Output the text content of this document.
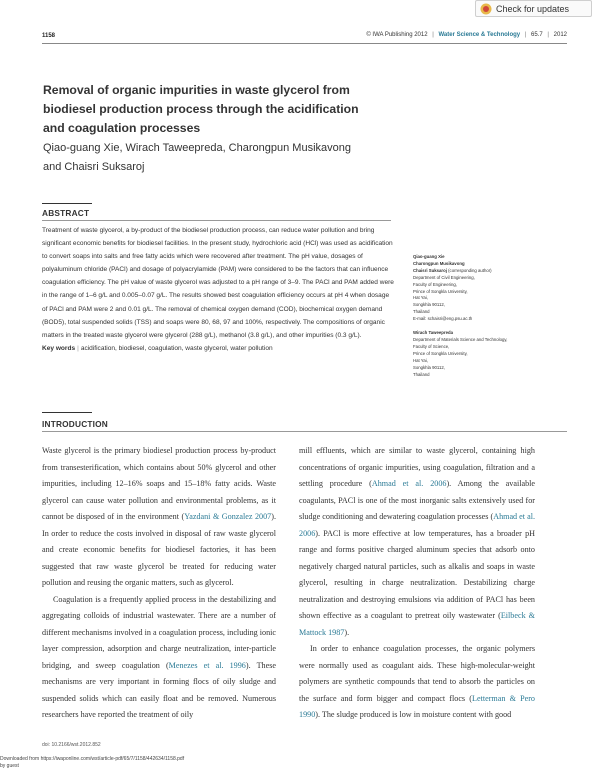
Check for updates
1158	© IWA Publishing 2012 | Water Science & Technology | 65.7 | 2012
Removal of organic impurities in waste glycerol from biodiesel production process through the acidification and coagulation processes
Qiao-guang Xie, Wirach Taweepreda, Charongpun Musikavong and Chaisri Suksaroj
ABSTRACT
Treatment of waste glycerol, a by-product of the biodiesel production process, can reduce water pollution and bring significant economic benefits for biodiesel facilities. In the present study, hydrochloric acid (HCl) was used as acidification to convert soaps into salts and free fatty acids which were recovered after treatment. The pH value, dosages of polyaluminum chloride (PACl) and dosage of polyacrylamide (PAM) were considered to be the factors that can influence coagulation efficiency. The pH value of waste glycerol was adjusted to a pH range of 3–9. The PACl and PAM added were in the range of 1–6 g/L and 0.005–0.07 g/L. The results showed best coagulation efficiency occurs at pH 4 when dosage of PACl and PAM were 2 and 0.01 g/L. The removal of chemical oxygen demand (COD), biochemical oxygen demand (BOD5), total suspended solids (TSS) and soaps were 80, 68, 97 and 100%, respectively. The compositions of organic matters in the treated waste glycerol were glycerol (288 g/L), methanol (3.8 g/L), and other impurities (0.3 g/L).
Key words | acidification, biodiesel, coagulation, waste glycerol, water pollution
Qiao-guang Xie
Charongpun Musikavong
Chaisri Suksaroj (corresponding author)
Department of Civil Engineering,
Faculty of Engineering,
Prince of Songkla University,
Hat Yai,
Songkhla 90112,
Thailand
E-mail: schaisri@eng.psu.ac.th
Wirach Taweepreda
Department of Materials Science and Technology,
Faculty of Science,
Prince of Songkla University,
Hat Yai,
Songkhla 90112,
Thailand
INTRODUCTION

Waste glycerol is the primary biodiesel production process by-product from transesterification, which contains about 50% glycerol and other impurities, including 12–16% soaps and 15–18% fatty acids. Waste glycerol can cause water pollution and environmental problems, as it cannot be disposed of in the environment (Yazdani & Gonzalez 2007). In order to reduce the costs involved in disposal of raw waste glycerol and create economic benefits for biodiesel factories, it has been suggested that raw waste glycerol be treated for reducing water pollution and reusing the organic matters, such as glycerol.

Coagulation is a frequently applied process in the destabilizing and aggregating colloids of industrial wastewater. There are a number of different mechanisms involved in a coagulation process, including ionic layer compression, adsorption and charge neutralization, inter-particle bridging, and sweep coagulation (Menezes et al. 1996). These mechanisms are very important in forming flocs of oily sludge and suspended solids which can easily float and be removed. Numerous researchers have reported the treatment of oily

mill effluents, which are similar to waste glycerol, containing high concentrations of organic impurities, using coagulation, filtration and a settling procedure (Ahmad et al. 2006). Among the available coagulants, PACl is one of the most inorganic salts extensively used for sludge conditioning and dewatering coagulation processes (Ahmad et al. 2006). PACl is more effective at low temperatures, has a broader pH range and forms positive charged aluminum species that adsorb onto negatively charged natural particles, such as alkalis and soaps in waste glycerol, resulting in charge neutralization. Destabilizing charge neutralization and destroying emulsions via addition of PACl has been shown effective as a coagulant to pretreat oily wastewater (Eilbeck & Mattock 1987).

In order to enhance coagulation processes, the organic polymers were normally used as coagulant aids. These high-molecular-weight polymers are synthetic compounds that tend to absorb the particles on the surface and form bigger and compact flocs (Letterman & Pero 1990). The sludge produced is low in moisture content with good

doi: 10.2166/wst.2012.852
Downloaded from https://iwaponline.com/wst/article-pdf/65/7/1158/442634/1158.pdf
by guest
